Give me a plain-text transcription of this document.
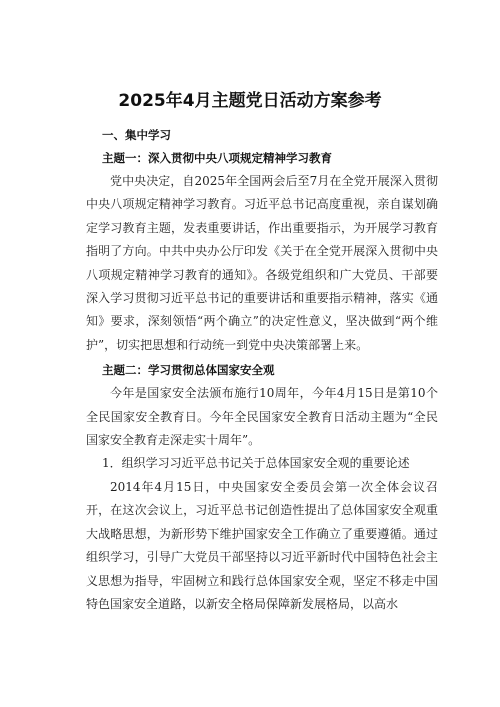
2025年4月主题党日活动方案参考
一、集中学习
主题一：深入贯彻中央八项规定精神学习教育

党中央决定，自2025年全国两会后至7月在全党开展深入贯彻中央八项规定精神学习教育。习近平总书记高度重视，亲自谋划确定学习教育主题，发表重要讲话，作出重要指示，为开展学习教育指明了方向。中共中央办公厅印发《关于在全党开展深入贯彻中央八项规定精神学习教育的通知》。各级党组织和广大党员、干部要深入学习贯彻习近平总书记的重要讲话和重要指示精神，落实《通知》要求，深刻领悟“两个确立”的决定性意义，坚决做到“两个维护”，切实把思想和行动统一到党中央决策部署上来。

主题二：学习贯彻总体国家安全观

今年是国家安全法颁布施行10周年，今年4月15日是第10个全民国家安全教育日。今年全民国家安全教育日活动主题为“全民国家安全教育走深走实十周年”。

1．组织学习习近平总书记关于总体国家安全观的重要论述

2014年4月15日，中央国家安全委员会第一次全体会议召开，在这次会议上，习近平总书记创造性提出了总体国家安全观重大战略思想，为新形势下维护国家安全工作确立了重要遵循。通过组织学习，引导广大党员干部坚持以习近平新时代中国特色社会主义思想为指导，牢固树立和践行总体国家安全观，坚定不移走中国特色国家安全道路，以新安全格局保障新发展格局，以高水
